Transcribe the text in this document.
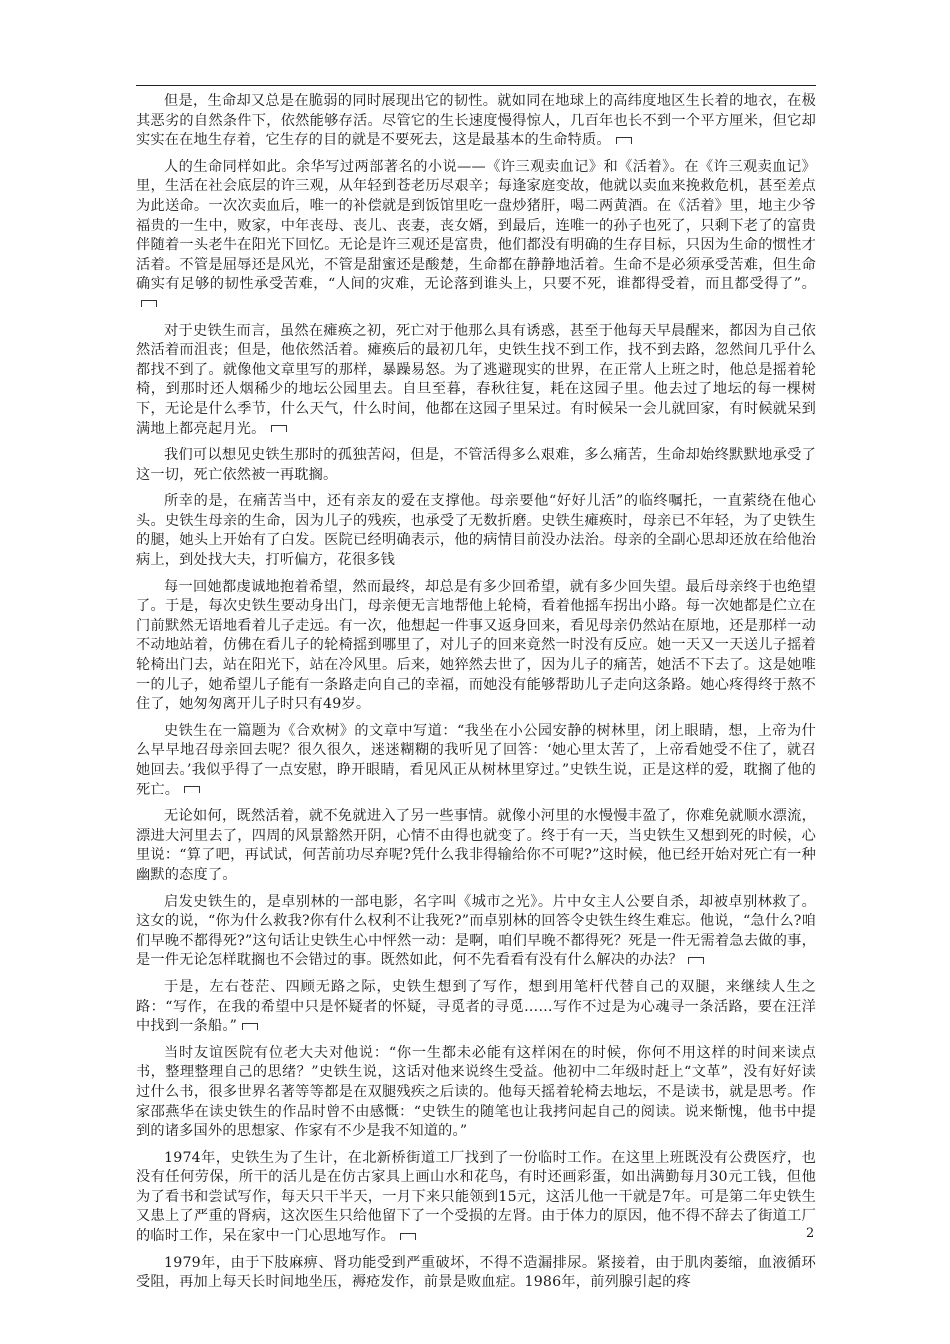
但是，生命却又总是在脆弱的同时展现出它的韧性。就如同在地球上的高纬度地区生长着的地衣，在极其恶劣的自然条件下，依然能够存活。尽管它的生长速度慢得惊人，几百年也长不到一个平方厘米，但它却实实在在地生存着，它生存的目的就是不要死去，这是最基本的生命特质。

人的生命同样如此。余华写过两部著名的小说——《许三观卖血记》和《活着》。在《许三观卖血记》里，生活在社会底层的许三观，从年轻到苍老历尽艰辛；每逢家庭变故，他就以卖血来挽救危机，甚至差点为此送命。一次次卖血后，唯一的补偿就是到饭馆里吃一盘炒猪肝，喝二两黄酒。在《活着》里，地主少爷福贵的一生中，败家，中年丧母、丧儿、丧妻，丧女婿，到最后，连唯一的孙子也死了，只剩下老了的富贵伴随着一头老牛在阳光下回忆。无论是许三观还是富贵，他们都没有明确的生存目标，只因为生命的惯性才活着。不管是屈辱还是风光，不管是甜蜜还是酸楚，生命都在静静地活着。生命不是必须承受苦难，但生命确实有足够的韧性承受苦难，“人间的灾难，无论落到谁头上，只要不死，谁都得受着，而且都受得了”。

对于史铁生而言，虽然在瘫痪之初，死亡对于他那么具有诱惑，甚至于他每天早晨醒来，都因为自己依然活着而沮丧；但是，他依然活着。瘫痪后的最初几年，史铁生找不到工作，找不到去路，忽然间几乎什么都找不到了。就像他文章里写的那样，暴躁易怒。为了逃避现实的世界，在正常人上班之时，他总是摇着轮椅，到那时还人烟稀少的地坛公园里去。自旦至暮，春秋往复，耗在这园子里。他去过了地坛的每一棵树下，无论是什么季节，什么天气，什么时间，他都在这园子里呆过。有时候呆一会儿就回家，有时候就呆到满地上都亮起月光。

我们可以想见史铁生那时的孤独苦闷，但是，不管活得多么艰难，多么痛苦，生命却始终默默地承受了这一切，死亡依然被一再耽搁。

所幸的是，在痛苦当中，还有亲友的爱在支撑他。母亲要他“好好儿活”的临终嘱托，一直萦绕在他心头。史铁生母亲的生命，因为儿子的残疾，也承受了无数折磨。史铁生瘫痪时，母亲已不年轻，为了史铁生的腿，她头上开始有了白发。医院已经明确表示，他的病情目前没办法治。母亲的全副心思却还放在给他治病上，到处找大夫，打听偏方，花很多钱

每一回她都虔诚地抱着希望，然而最终，却总是有多少回希望，就有多少回失望。最后母亲终于也绝望了。于是，每次史铁生要动身出门，母亲便无言地帮他上轮椅，看着他摇车拐出小路。每一次她都是伫立在门前默然无语地看着儿子走远。有一次，他想起一件事又返身回来，看见母亲仍然站在原地，还是那样一动不动地站着，仿佛在看儿子的轮椅摇到哪里了，对儿子的回来竟然一时没有反应。她一天又一天送儿子摇着轮椅出门去，站在阳光下，站在冷风里。后来，她猝然去世了，因为儿子的痛苦，她活不下去了。这是她唯一的儿子，她希望儿子能有一条路走向自己的幸福，而她没有能够帮助儿子走向这条路。她心疼得终于熬不住了，她匆匆离开儿子时只有49岁。

史铁生在一篇题为《合欢树》的文章中写道：“我坐在小公园安静的树林里，闭上眼睛，想，上帝为什么早早地召母亲回去呢？很久很久，迷迷糊糊的我听见了回答：‘她心里太苦了，上帝看她受不住了，就召她回去。’我似乎得了一点安慰，睁开眼睛，看见风正从树林里穿过。”史铁生说，正是这样的爱，耽搁了他的死亡。

无论如何，既然活着，就不免就进入了另一些事情。就像小河里的水慢慢丰盈了，你难免就顺水漂流，漂进大河里去了，四周的风景豁然开阴，心情不由得也就变了。终于有一天，当史铁生又想到死的时候，心里说：“算了吧，再试试，何苦前功尽弃呢?凭什么我非得输给你不可呢?”这时候，他已经开始对死亡有一种幽默的态度了。

启发史铁生的，是卓别林的一部电影，名字叫《城市之光》。片中女主人公要自杀，却被卓别林救了。这女的说，“你为什么救我?你有什么权利不让我死?”而卓别林的回答令史铁生终生难忘。他说，“急什么?咱们早晚不都得死?”这句话让史铁生心中怦然一动：是啊，咱们早晚不都得死？死是一件无需着急去做的事，是一件无论怎样耽搁也不会错过的事。既然如此，何不先看看有没有什么解决的办法？

于是，左右苍茫、四顾无路之际，史铁生想到了写作，想到用笔杆代替自己的双腿，来继续人生之路：“写作，在我的希望中只是怀疑者的怀疑，寻觅者的寻觅……写作不过是为心魂寻一条活路，要在汪洋中找到一条船。”

当时友谊医院有位老大夫对他说：“你一生都未必能有这样闲在的时候，你何不用这样的时间来读点书，整理整理自己的思绪？”史铁生说，这话对他来说终生受益。他初中二年级时赶上“文革”，没有好好读过什么书，很多世界名著等等都是在双腿残疾之后读的。他每天摇着轮椅去地坛，不是读书，就是思考。作家邵燕华在读史铁生的作品时曾不由感慨：“史铁生的随笔也让我拷问起自己的阅读。说来惭愧，他书中提到的诸多国外的思想家、作家有不少是我不知道的。”

1974年，史铁生为了生计，在北新桥街道工厂找到了一份临时工作。在这里上班既没有公费医疗，也没有任何劳保，所干的活儿是在仿古家具上画山水和花鸟，有时还画彩蛋，如出满勤每月30元工钱，但他为了看书和尝试写作，每天只干半天，一月下来只能领到15元，这活儿他一干就是7年。可是第二年史铁生又患上了严重的肾病，这次医生只给他留下了一个受损的左肾。由于体力的原因，他不得不辞去了街道工厂的临时工作，呆在家中一门心思地写作。

1979年，由于下肢麻痹、肾功能受到严重破坏，不得不造漏排尿。紧接着，由于肌肉萎缩，血液循环受阻，再加上每天长时间地坐压，褥疮发作，前景是败血症。1986年，前列腺引起的疼

2
